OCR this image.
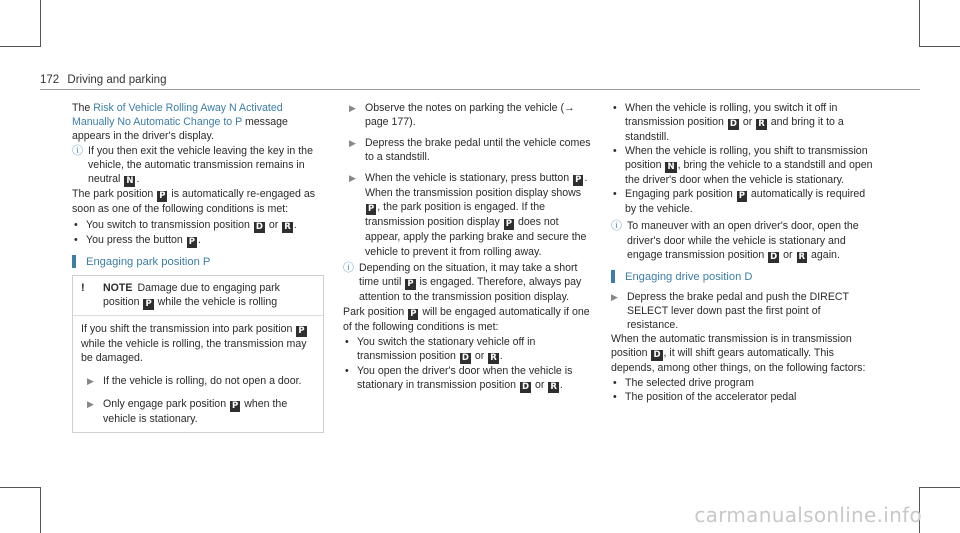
172 Driving and parking

The Risk of Vehicle Rolling Away N Activated Manually No Automatic Change to P message appears in the driver's display.

ⓘ If you then exit the vehicle leaving the key in the vehicle, the automatic transmission remains in neutral N .

The park position P is automatically re-engaged as soon as one of the following conditions is met:

• You switch to transmission position D or R .
• You press the button P .
Engaging park position P
!	NOTE Damage due to engaging park position P while the vehicle is rolling

If you shift the transmission into park position P while the vehicle is rolling, the transmission may be damaged.

▶ If the vehicle is rolling, do not open a door.
▶ Only engage park position P when the vehicle is stationary.
▶ Observe the notes on parking the vehicle (→ page 177).
▶ Depress the brake pedal until the vehicle comes to a standstill.
▶ When the vehicle is stationary, press button P .
When the transmission position display shows P , the park position is engaged. If the transmission position display P does not appear, apply the parking brake and secure the vehicle to prevent it from rolling away.
ⓘ Depending on the situation, it may take a short time until P is engaged. Therefore, always pay attention to the transmission position display.

Park position P will be engaged automatically if one of the following conditions is met:

• You switch the stationary vehicle off in transmission position D or R .
• You open the driver's door when the vehicle is stationary in transmission position D or R .
• When the vehicle is rolling, you switch it off in transmission position D or R and bring it to a standstill.
• When the vehicle is rolling, you shift to transmission position N , bring the vehicle to a standstill and open the driver's door when the vehicle is stationary.
• Engaging park position P automatically is required by the vehicle.
ⓘ To maneuver with an open driver's door, open the driver's door while the vehicle is stationary and engage transmission position D or R again.
Engaging drive position D
▶ Depress the brake pedal and push the DIRECT SELECT lever down past the first point of resistance.

When the automatic transmission is in transmission position D , it will shift gears automatically. This depends, among other things, on the following factors:

• The selected drive program
• The position of the accelerator pedal
carmanualsonline.info
